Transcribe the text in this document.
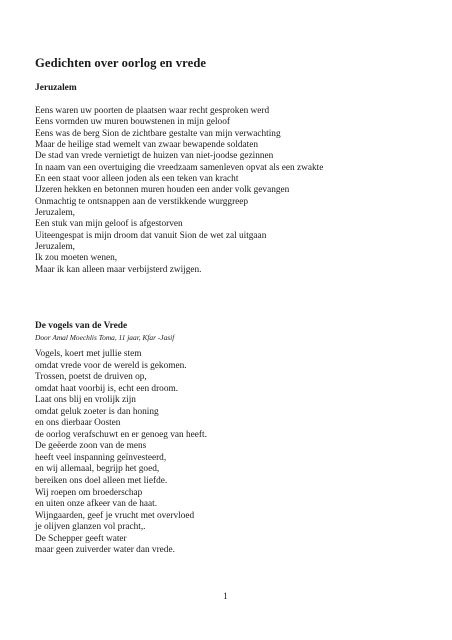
Gedichten over oorlog en vrede
Jeruzalem
Eens waren uw poorten de plaatsen waar recht gesproken werd
Eens vormden uw muren bouwstenen in mijn geloof
Eens was de berg Sion de zichtbare gestalte van mijn verwachting
Maar de heilige stad wemelt van zwaar bewapende soldaten
De stad van vrede vernietigt de huizen van niet-joodse gezinnen
In naam van een overtuiging die vreedzaam samenleven opvat als een zwakte
En een staat voor alleen joden als een teken van kracht
IJzeren hekken en betonnen muren houden een ander volk gevangen
Onmachtig te ontsnappen aan de verstikkende wurggreep
Jeruzalem,
Een stuk van mijn geloof is afgestorven
Uiteengespat is mijn droom dat vanuit Sion de wet zal uitgaan
Jeruzalem,
Ik zou moeten wenen,
Maar ik kan alleen maar verbijsterd zwijgen.
De vogels van de Vrede
Door Amal Moechlis Toma, 11 jaar, Kfar -Jasif
Vogels, koert met jullie stem
omdat vrede voor de wereld is gekomen.
Trossen, poetst de druiven op,
omdat haat voorbij is, echt een droom.
Laat ons blij en vrolijk zijn
omdat geluk zoeter is dan honing
en ons dierbaar Oosten
de oorlog verafschuwt en er genoeg van heeft.
De geëerde zoon van de mens
heeft veel inspanning geïnvesteerd,
en wij allemaal, begrijp het goed,
bereiken ons doel alleen met liefde.
Wij roepen om broederschap
en uiten onze afkeer van de haat.
Wijngaarden, geef je vrucht met overvloed
je olijven glanzen vol pracht,.
De Schepper geeft water
maar geen zuiverder water dan vrede.
1
